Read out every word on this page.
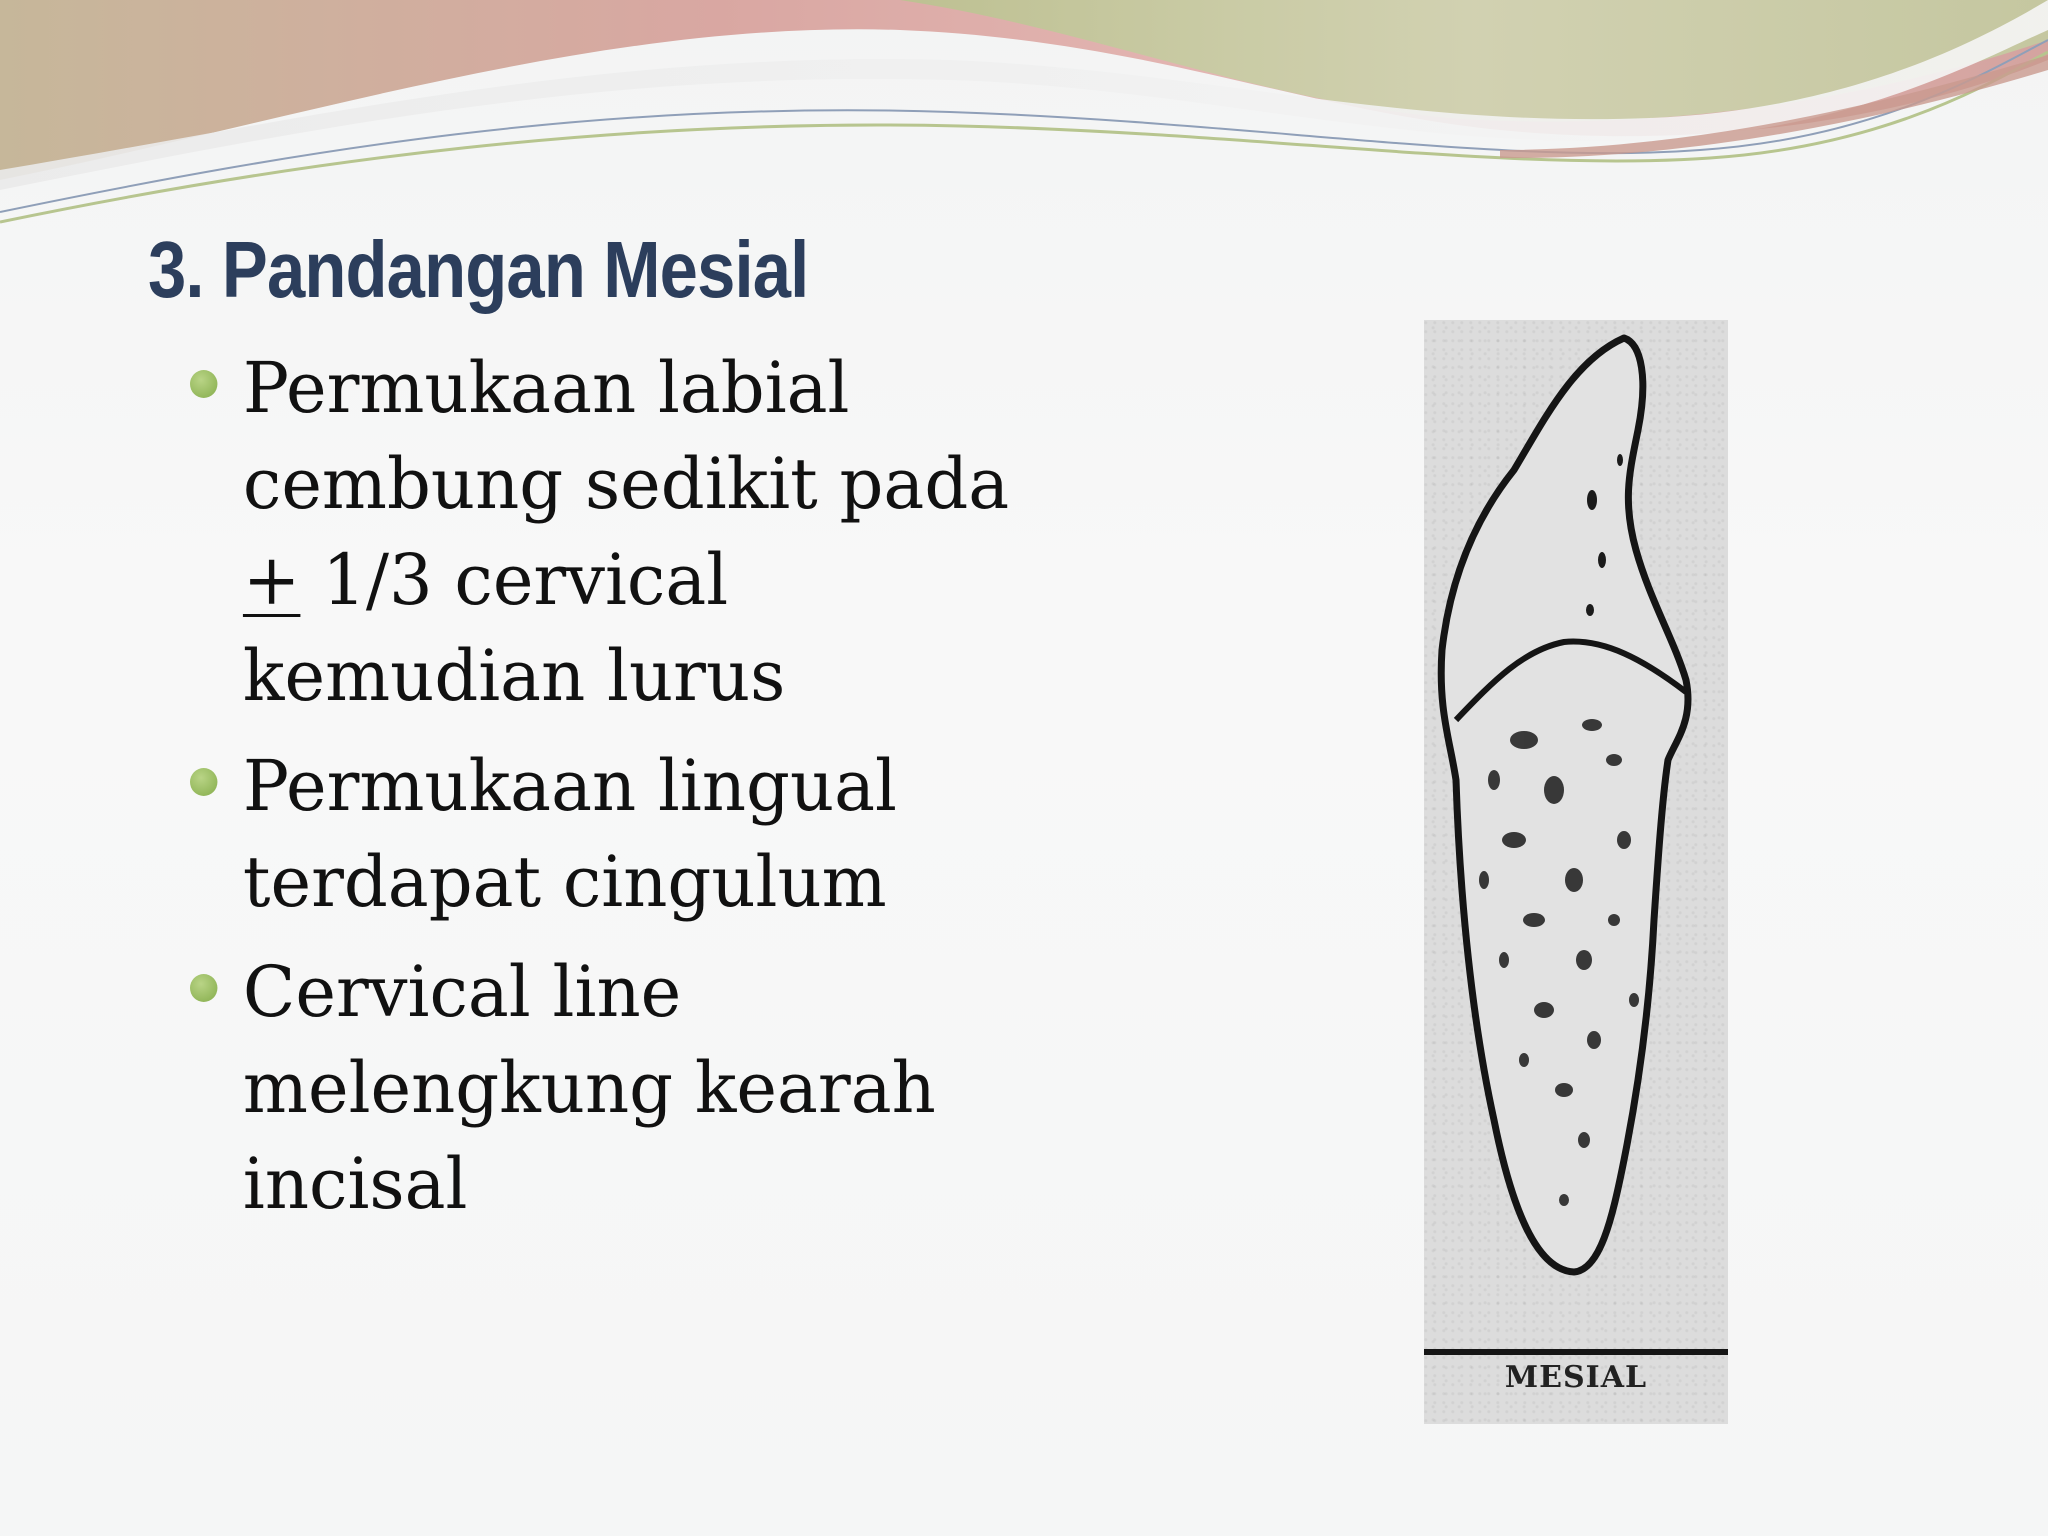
3. Pandangan Mesial
Permukaan labial cembung sedikit pada + 1/3 cervical kemudian lurus
Permukaan lingual terdapat cingulum
Cervical line melengkung kearah incisal
MESIAL
